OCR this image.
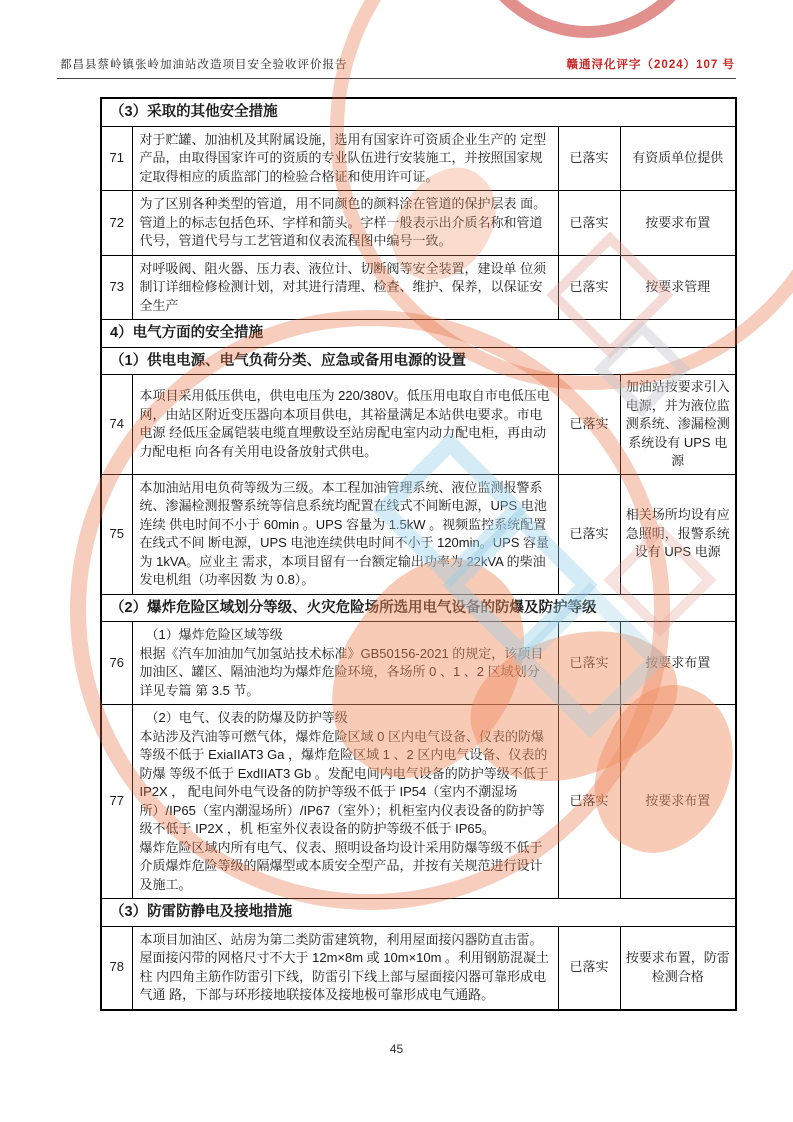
都昌县蔡岭镇张岭加油站改造项目安全验收评价报告	赣通浔化评字（2024）107 号
（3）采取的其他安全措施			
71	对于贮罐、加油机及其附属设施，选用有国家许可资质企业生产的 定型产品，由取得国家许可的资质的专业队伍进行安装施工，并按照国家规定取得相应的质监部门的检验合格证和使用许可证。	已落实	有资质单位提供
72	为了区别各种类型的管道，用不同颜色的颜料涂在管道的保护层表 面。管道上的标志包括色环、字样和箭头。字样一般表示出介质名称和管道代号，管道代号与工艺管道和仪表流程图中编号一致。	已落实	按要求布置
73	对呼吸阀、阻火器、压力表、液位计、切断阀等安全装置，建设单 位须制订详细检修检测计划，对其进行清理、检查、维护、保养，以保证安全生产	已落实	按要求管理
4）电气方面的安全措施			
（1）供电电源、电气负荷分类、应急或备用电源的设置			
74	本项目采用低压供电，供电电压为 220/380V。低压用电取自市电低压电 网，由站区附近变压器向本项目供电，其裕量满足本站供电要求。市电电源 经低压金属铠装电缆直埋敷设至站房配电室内动力配电柜，再由动力配电柜 向各有关用电设备放射式供电。	已落实	加油站按要求引入电源，并为液位监测系统、渗漏检测系统设有 UPS 电源
75	本加油站用电负荷等级为三级。本工程加油管理系统、液位监测报警系统、渗漏检测报警系统等信息系统均配置在线式不间断电源，UPS 电池连续 供电时间不小于 60min 。UPS 容量为 1.5kW 。视频监控系统配置在线式不间 断电源，UPS 电池连续供电时间不小于 120min。UPS 容量为 1kVA。应业主 需求，本项目留有一台额定输出功率为 22kVA 的柴油发电机组（功率因数 为 0.8）。	已落实	相关场所均设有应急照明，报警系统设有 UPS 电源
（2）爆炸危险区域划分等级、火灾危险场所选用电气设备的防爆及防护等级			
76	（1）爆炸危险区域等级

根据《汽车加油加气加氢站技术标准》GB50156-2021 的规定，该项目 加油区、罐区、隔油池均为爆炸危险环境，各场所 0 、1 、2 区域划分详见专篇 第 3.5 节。	已落实	按要求布置
77	（2）电气、仪表的防爆及防护等级

本站涉及汽油等可燃气体，爆炸危险区域 0 区内电气设备、仪表的防爆 等级不低于 ExiaIIAT3 Ga ，爆炸危险区域 1 、2 区内电气设备、仪表的防爆 等级不低于 ExdIIAT3 Gb 。发配电间内电气设备的防护等级不低于 IP2X ， 配电间外电气设备的防护等级不低于 IP54（室内不潮湿场所）/IP65（室内潮湿场所）/IP67（室外）；机柜室内仪表设备的防护等级不低于 IP2X ，机 柜室外仪表设备的防护等级不低于 IP65。

爆炸危险区域内所有电气、仪表、照明设备均设计采用防爆等级不低于介质爆炸危险等级的隔爆型或本质安全型产品，并按有关规范进行设计及施工。	已落实	按要求布置
（3）防雷防静电及接地措施			
78	本项目加油区、站房为第二类防雷建筑物，利用屋面接闪器防直击雷。屋面接闪带的网格尺寸不大于 12m×8m 或 10m×10m 。利用钢筋混凝土柱 内四角主筋作防雷引下线，防雷引下线上部与屋面接闪器可靠形成电气通 路，下部与环形接地联接体及接地极可靠形成电气通路。	已落实	按要求布置，防雷检测合格
45
